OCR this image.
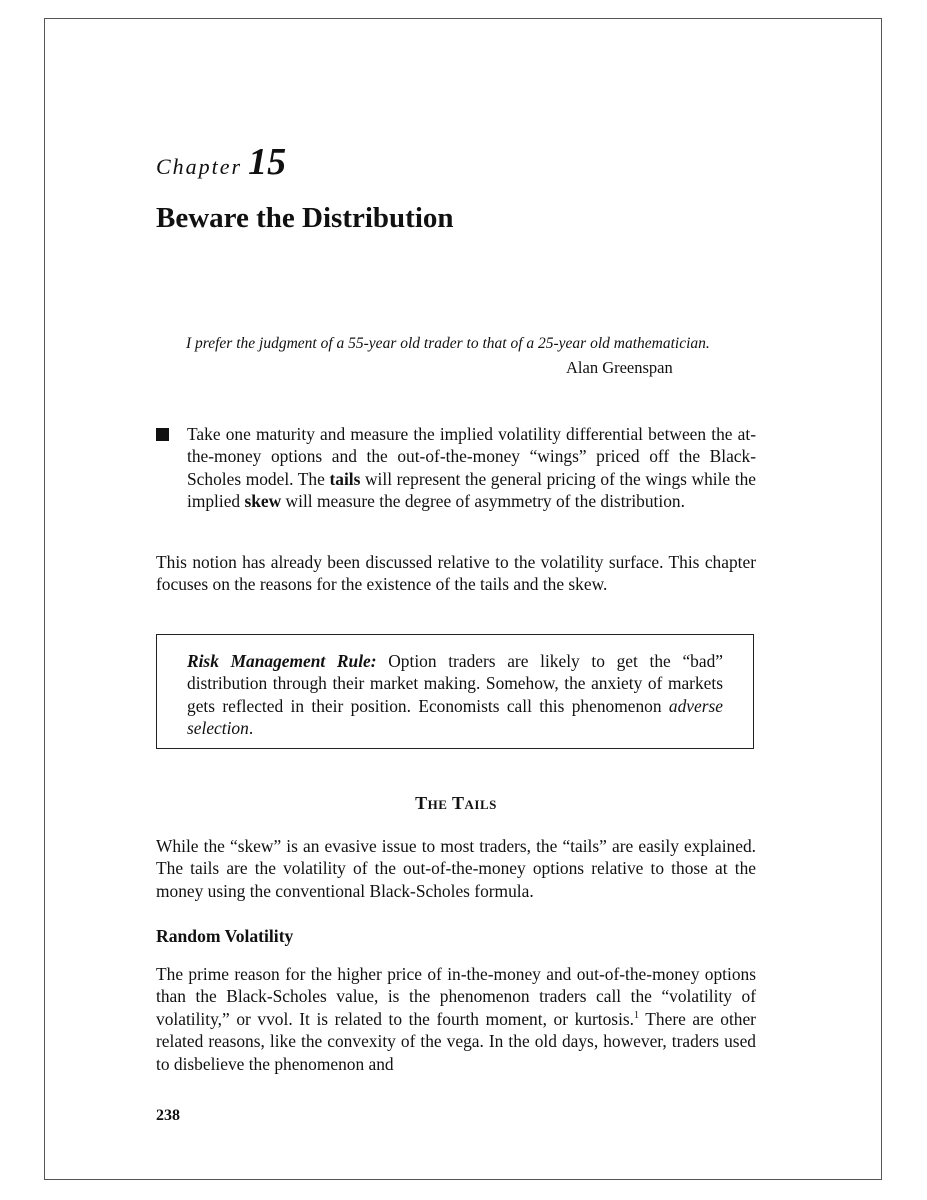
Chapter 15
Beware the Distribution
I prefer the judgment of a 55-year old trader to that of a 25-year old mathematician.
Alan Greenspan
Take one maturity and measure the implied volatility differential between the at-the-money options and the out-of-the-money “wings” priced off the Black-Scholes model. The tails will represent the general pricing of the wings while the implied skew will measure the degree of asymmetry of the distribution.
This notion has already been discussed relative to the volatility surface. This chapter focuses on the reasons for the existence of the tails and the skew.
Risk Management Rule: Option traders are likely to get the “bad” distribution through their market making. Somehow, the anxiety of markets gets reflected in their position. Economists call this phenomenon adverse selection.
The Tails
While the “skew” is an evasive issue to most traders, the “tails” are easily explained. The tails are the volatility of the out-of-the-money options relative to those at the money using the conventional Black-Scholes formula.
Random Volatility
The prime reason for the higher price of in-the-money and out-of-the-money options than the Black-Scholes value, is the phenomenon traders call the “volatility of volatility,” or vvol. It is related to the fourth moment, or kurtosis.$^1$ There are other related reasons, like the convexity of the vega. In the old days, however, traders used to disbelieve the phenomenon and
238
